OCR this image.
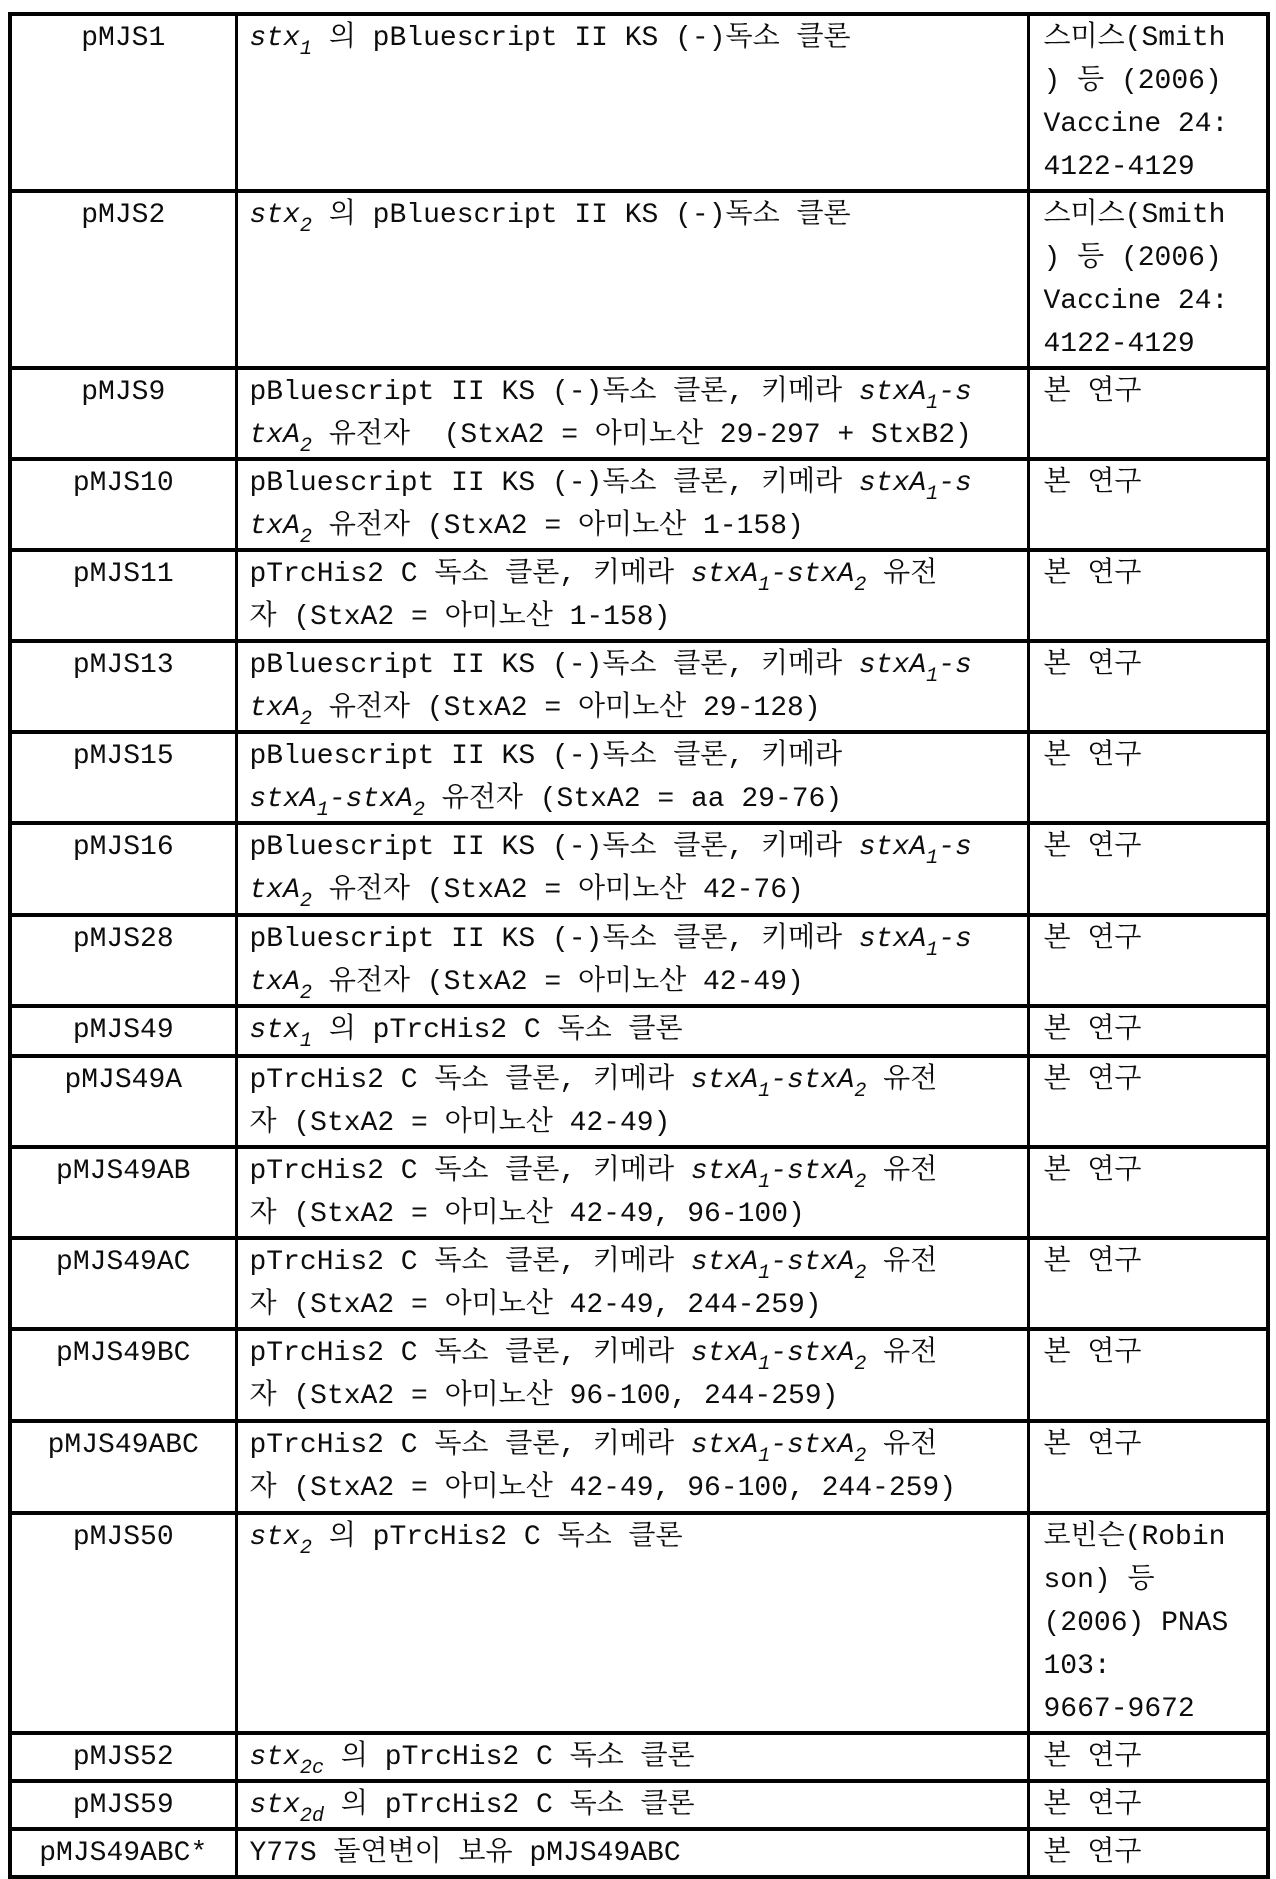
pMJS1	stx$_1$ 의 pBluescript II KS (-)독소 클론	스미스(Smith
) 등 (2006)
Vaccine 24:
4122-4129

pMJS2	stx$_2$ 의 pBluescript II KS (-)독소 클론	스미스(Smith
) 등 (2006)
Vaccine 24:
4122-4129

pMJS9	pBluescript II KS (-)독소 클론, 키메라 stxA$_1$-s
txA$_2$ 유전자  (StxA2 = 아미노산 29-297 + StxB2)	본 연구

pMJS10	pBluescript II KS (-)독소 클론, 키메라 stxA$_1$-s
txA$_2$ 유전자 (StxA2 = 아미노산 1-158)	본 연구

pMJS11	pTrcHis2 C 독소 클론, 키메라 stxA$_1$-stxA$_2$ 유전
자 (StxA2 = 아미노산 1-158)	본 연구

pMJS13	pBluescript II KS (-)독소 클론, 키메라 stxA$_1$-s
txA$_2$ 유전자 (StxA2 = 아미노산 29-128)	본 연구

pMJS15	pBluescript II KS (-)독소 클론, 키메라
stxA$_1$-stxA$_2$ 유전자 (StxA2 = aa 29-76)	본 연구

pMJS16	pBluescript II KS (-)독소 클론, 키메라 stxA$_1$-s
txA$_2$ 유전자 (StxA2 = 아미노산 42-76)	본 연구

pMJS28	pBluescript II KS (-)독소 클론, 키메라 stxA$_1$-s
txA$_2$ 유전자 (StxA2 = 아미노산 42-49)	본 연구

pMJS49	stx$_1$ 의 pTrcHis2 C 독소 클론	본 연구

pMJS49A	pTrcHis2 C 독소 클론, 키메라 stxA$_1$-stxA$_2$ 유전
자 (StxA2 = 아미노산 42-49)	본 연구

pMJS49AB	pTrcHis2 C 독소 클론, 키메라 stxA$_1$-stxA$_2$ 유전
자 (StxA2 = 아미노산 42-49, 96-100)	본 연구

pMJS49AC	pTrcHis2 C 독소 클론, 키메라 stxA$_1$-stxA$_2$ 유전
자 (StxA2 = 아미노산 42-49, 244-259)	본 연구

pMJS49BC	pTrcHis2 C 독소 클론, 키메라 stxA$_1$-stxA$_2$ 유전
자 (StxA2 = 아미노산 96-100, 244-259)	본 연구

pMJS49ABC	pTrcHis2 C 독소 클론, 키메라 stxA$_1$-stxA$_2$ 유전
자 (StxA2 = 아미노산 42-49, 96-100, 244-259)	본 연구

pMJS50	stx$_2$ 의 pTrcHis2 C 독소 클론	로빈슨(Robin
son) 등
(2006) PNAS
103:
9667-9672

pMJS52	stx$_{2c}$ 의 pTrcHis2 C 독소 클론	본 연구

pMJS59	stx$_{2d}$ 의 pTrcHis2 C 독소 클론	본 연구

pMJS49ABC*	Y77S 돌연변이 보유 pMJS49ABC	본 연구
